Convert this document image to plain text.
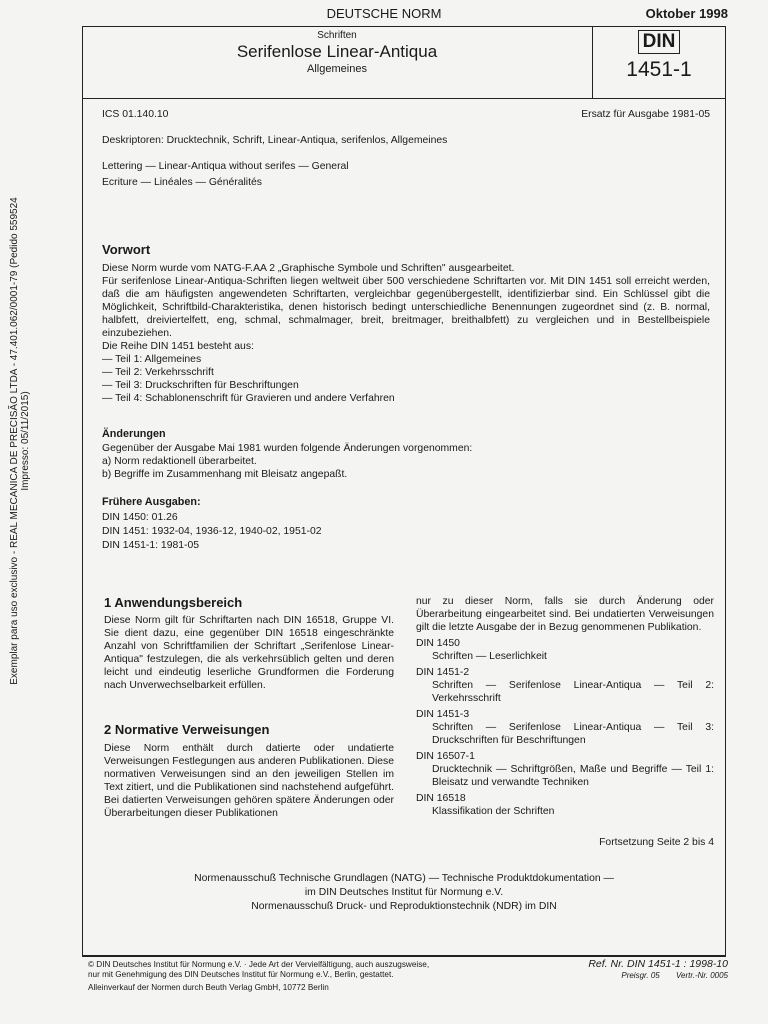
DEUTSCHE NORM	Oktober 1998
Schriften
Serifenlose Linear-Antiqua
Allgemeines
DIN
1451-1
ICS 01.140.10	Ersatz für Ausgabe 1981-05
Deskriptoren: Drucktechnik, Schrift, Linear-Antiqua, serifenlos, Allgemeines
Lettering — Linear-Antiqua without serifes — General
Ecriture — Linéales — Généralités
Vorwort
Diese Norm wurde vom NATG-F.AA 2 „Graphische Symbole und Schriften" ausgearbeitet.
Für serifenlose Linear-Antiqua-Schriften liegen weltweit über 500 verschiedene Schriftarten vor. Mit DIN 1451 soll erreicht werden, daß die am häufigsten angewendeten Schriftarten, vergleichbar gegenübergestellt, identifizierbar sind. Ein Schlüssel gibt die Möglichkeit, Schriftbild-Charakteristika, denen historisch bedingt unterschiedliche Benennungen zugeordnet sind (z. B. normal, halbfett, dreiviertelfett, eng, schmal, schmalmager, breit, breitmager, breithalbfett) zu vergleichen und in Bestellbeispiele einzubeziehen.
Die Reihe DIN 1451 besteht aus:
— Teil 1: Allgemeines
— Teil 2: Verkehrsschrift
— Teil 3: Druckschriften für Beschriftungen
— Teil 4: Schablonenschrift für Gravieren und andere Verfahren
Änderungen
Gegenüber der Ausgabe Mai 1981 wurden folgende Änderungen vorgenommen:
a) Norm redaktionell überarbeitet.
b) Begriffe im Zusammenhang mit Bleisatz angepaßt.
Frühere Ausgaben:
DIN 1450: 01.26
DIN 1451: 1932-04, 1936-12, 1940-02, 1951-02
DIN 1451-1: 1981-05
1 Anwendungsbereich
Diese Norm gilt für Schriftarten nach DIN 16518, Gruppe VI. Sie dient dazu, eine gegenüber DIN 16518 eingeschränkte Anzahl von Schriftfamilien der Schriftart „Serifenlose Linear-Antiqua" festzulegen, die als verkehrsüblich gelten und deren leicht und eindeutig leserliche Grundformen die Forderung nach Unverwechselbarkeit erfüllen.
2 Normative Verweisungen
Diese Norm enthält durch datierte oder undatierte Verweisungen Festlegungen aus anderen Publikationen. Diese normativen Verweisungen sind an den jeweiligen Stellen im Text zitiert, und die Publikationen sind nachstehend aufgeführt. Bei datierten Verweisungen gehören spätere Änderungen oder Überarbeitungen dieser Publikationen
nur zu dieser Norm, falls sie durch Änderung oder Überarbeitung eingearbeitet sind. Bei undatierten Verweisungen gilt die letzte Ausgabe der in Bezug genommenen Publikation.
DIN 1450
Schriften — Leserlichkeit
DIN 1451-2
Schriften — Serifenlose Linear-Antiqua — Teil 2: Verkehrsschrift
DIN 1451-3
Schriften — Serifenlose Linear-Antiqua — Teil 3: Druckschriften für Beschriftungen
DIN 16507-1
Drucktechnik — Schriftgrößen, Maße und Begriffe — Teil 1: Bleisatz und verwandte Techniken
DIN 16518
Klassifikation der Schriften
Fortsetzung Seite 2 bis 4
Normenausschuß Technische Grundlagen (NATG) — Technische Produktdokumentation —
im DIN Deutsches Institut für Normung e.V.
Normenausschuß Druck- und Reproduktionstechnik (NDR) im DIN
© DIN Deutsches Institut für Normung e.V. · Jede Art der Vervielfältigung, auch auszugsweise,
nur mit Genehmigung des DIN Deutsches Institut für Normung e.V., Berlin, gestattet.
Alleinverkauf der Normen durch Beuth Verlag GmbH, 10772 Berlin
Ref. Nr. DIN 1451-1 : 1998-10
Preisgr. 05 Vertr.-Nr. 0005
Exemplar para uso exclusivo - REAL MECANICA DE PRECISÃO LTDA - 47.401.062/0001-79 (Pedido 559524 Impresso: 05/11/2015)
